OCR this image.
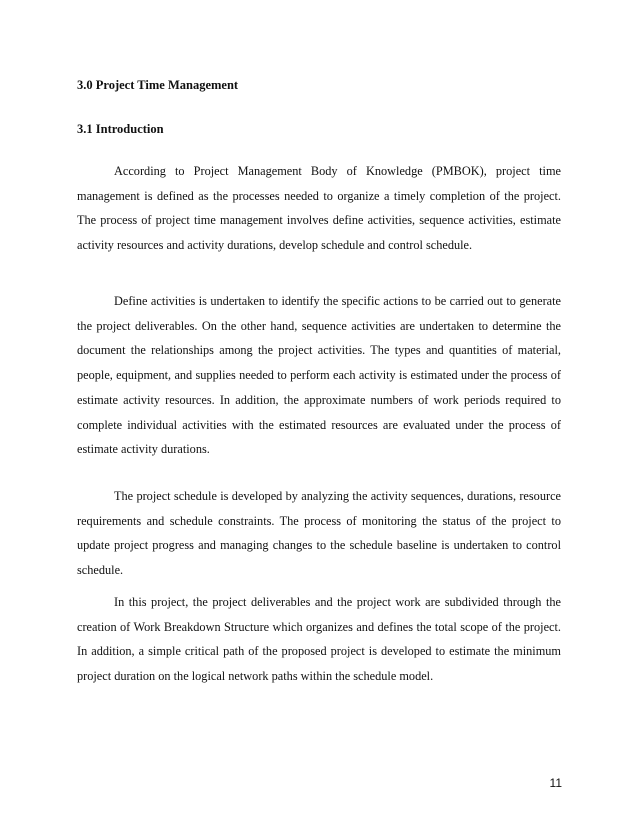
3.0 Project Time Management
3.1 Introduction

According to Project Management Body of Knowledge (PMBOK), project time management is defined as the processes needed to organize a timely completion of the project. The process of project time management involves define activities, sequence activities, estimate activity resources and activity durations, develop schedule and control schedule.

Define activities is undertaken to identify the specific actions to be carried out to generate the project deliverables. On the other hand, sequence activities are undertaken to determine the document the relationships among the project activities. The types and quantities of material, people, equipment, and supplies needed to perform each activity is estimated under the process of estimate activity resources. In addition, the approximate numbers of work periods required to complete individual activities with the estimated resources are evaluated under the process of estimate activity durations.

The project schedule is developed by analyzing the activity sequences, durations, resource requirements and schedule constraints. The process of monitoring the status of the project to update project progress and managing changes to the schedule baseline is undertaken to control schedule.

In this project, the project deliverables and the project work are subdivided through the creation of Work Breakdown Structure which organizes and defines the total scope of the project. In addition, a simple critical path of the proposed project is developed to estimate the minimum project duration on the logical network paths within the schedule model.

11
